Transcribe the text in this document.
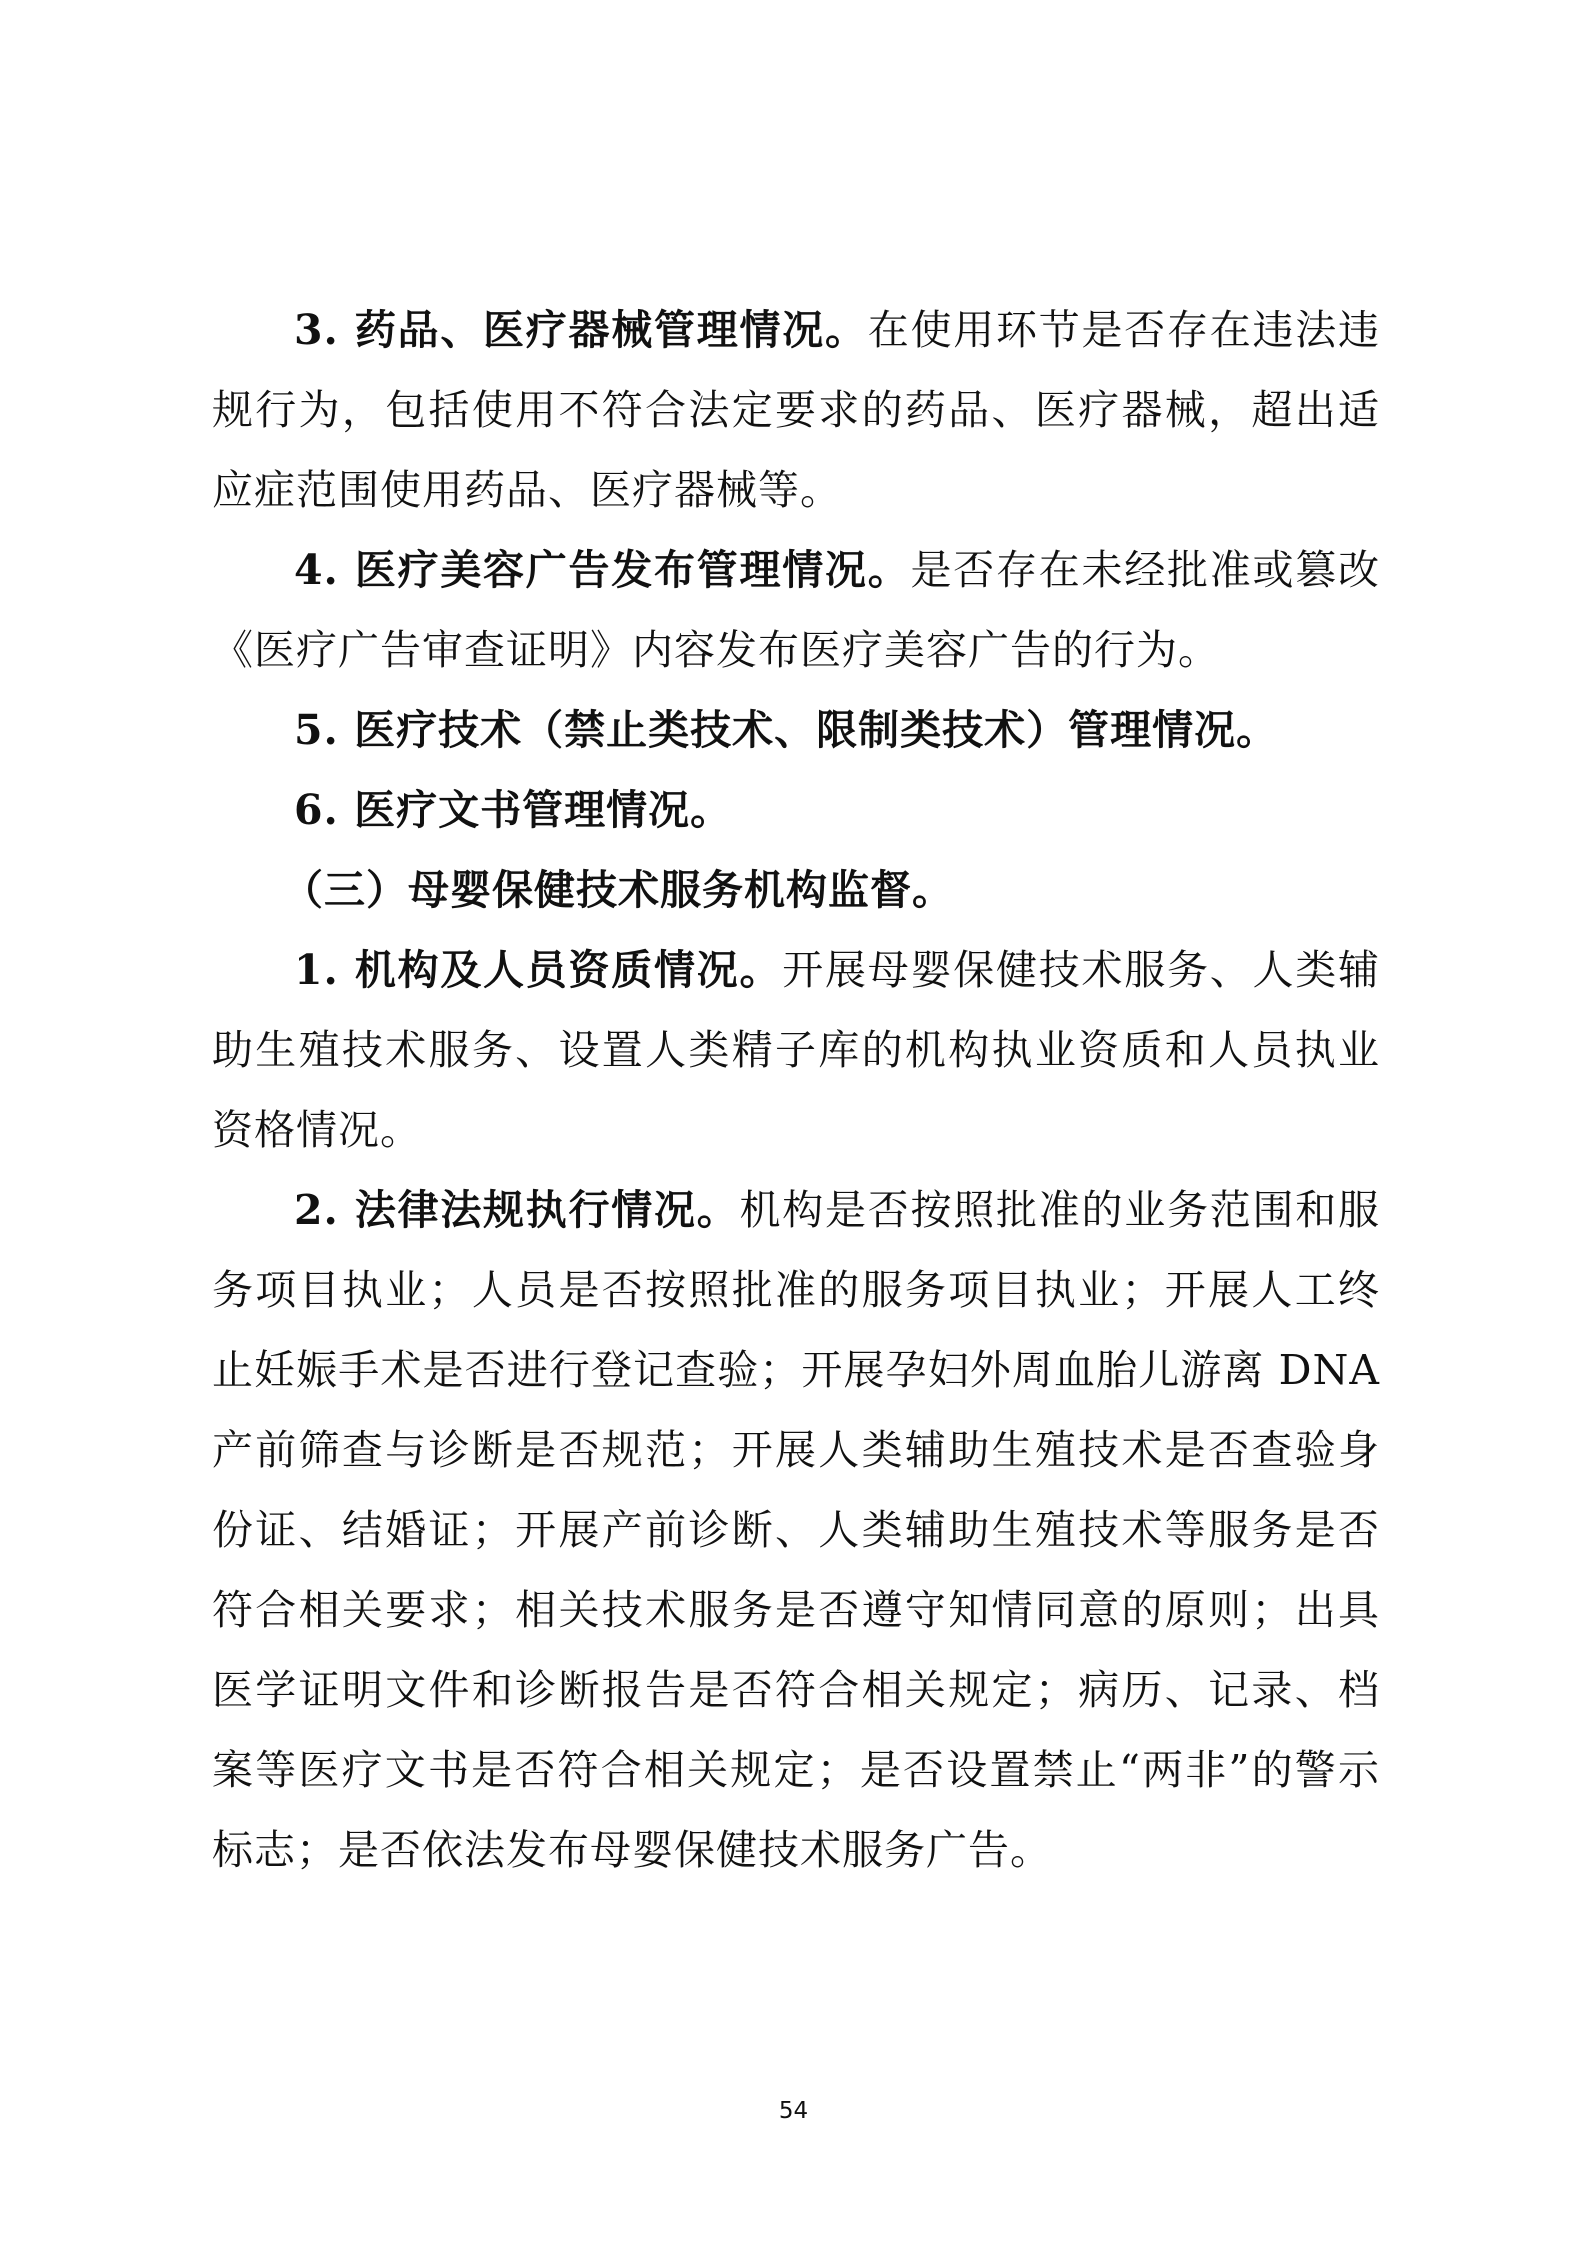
3. 药品、医疗器械管理情况。在使用环节是否存在违法违规行为，包括使用不符合法定要求的药品、医疗器械，超出适应症范围使用药品、医疗器械等。

4. 医疗美容广告发布管理情况。是否存在未经批准或篡改《医疗广告审查证明》内容发布医疗美容广告的行为。

5. 医疗技术（禁止类技术、限制类技术）管理情况。

6. 医疗文书管理情况。

（三）母婴保健技术服务机构监督。

1. 机构及人员资质情况。开展母婴保健技术服务、人类辅助生殖技术服务、设置人类精子库的机构执业资质和人员执业资格情况。

2. 法律法规执行情况。机构是否按照批准的业务范围和服务项目执业；人员是否按照批准的服务项目执业；开展人工终止妊娠手术是否进行登记查验；开展孕妇外周血胎儿游离 DNA 产前筛查与诊断是否规范；开展人类辅助生殖技术是否查验身份证、结婚证；开展产前诊断、人类辅助生殖技术等服务是否符合相关要求；相关技术服务是否遵守知情同意的原则；出具医学证明文件和诊断报告是否符合相关规定；病历、记录、档案等医疗文书是否符合相关规定；是否设置禁止“两非”的警示标志；是否依法发布母婴保健技术服务广告。

54
